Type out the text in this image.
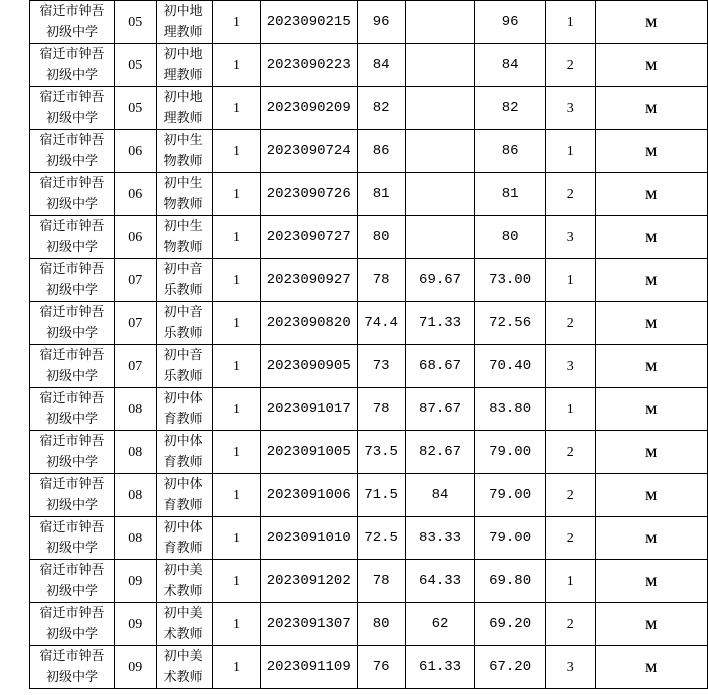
宿迁市钟吾
初级中学	05	初中地
理教师	1	2023090215	96		96	1	M

宿迁市钟吾
初级中学	05	初中地
理教师	1	2023090223	84		84	2	M

宿迁市钟吾
初级中学	05	初中地
理教师	1	2023090209	82		82	3	M

宿迁市钟吾
初级中学	06	初中生
物教师	1	2023090724	86		86	1	M

宿迁市钟吾
初级中学	06	初中生
物教师	1	2023090726	81		81	2	M

宿迁市钟吾
初级中学	06	初中生
物教师	1	2023090727	80		80	3	M

宿迁市钟吾
初级中学	07	初中音
乐教师	1	2023090927	78	69.67	73.00	1	M

宿迁市钟吾
初级中学	07	初中音
乐教师	1	2023090820	74.4	71.33	72.56	2	M

宿迁市钟吾
初级中学	07	初中音
乐教师	1	2023090905	73	68.67	70.40	3	M

宿迁市钟吾
初级中学	08	初中体
育教师	1	2023091017	78	87.67	83.80	1	M

宿迁市钟吾
初级中学	08	初中体
育教师	1	2023091005	73.5	82.67	79.00	2	M

宿迁市钟吾
初级中学	08	初中体
育教师	1	2023091006	71.5	84	79.00	2	M

宿迁市钟吾
初级中学	08	初中体
育教师	1	2023091010	72.5	83.33	79.00	2	M

宿迁市钟吾
初级中学	09	初中美
术教师	1	2023091202	78	64.33	69.80	1	M

宿迁市钟吾
初级中学	09	初中美
术教师	1	2023091307	80	62	69.20	2	M

宿迁市钟吾
初级中学	09	初中美
术教师	1	2023091109	76	61.33	67.20	3	M
